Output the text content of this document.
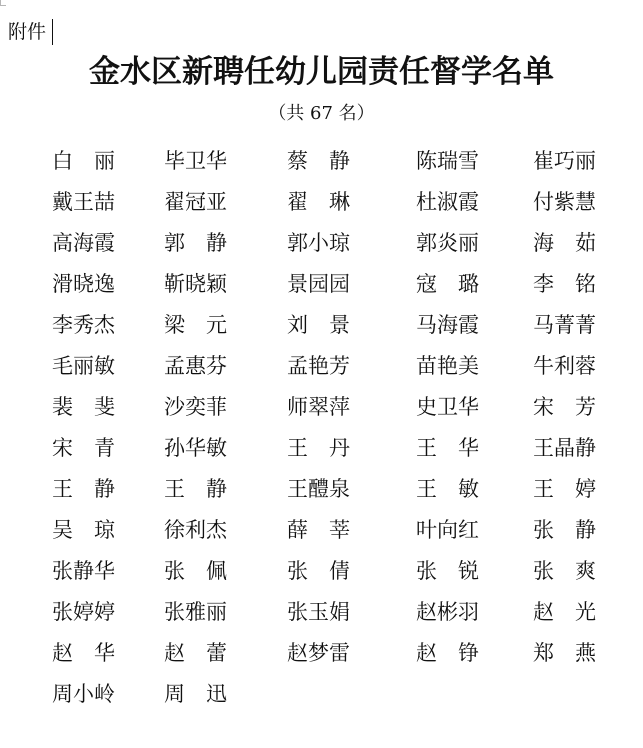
附件
金水区新聘任幼儿园责任督学名单
（共 67 名）
白　丽	毕卫华	蔡　静	陈瑞雪	崔巧丽
戴王喆	翟冠亚	翟　琳	杜淑霞	付紫慧
高海霞	郭　静	郭小琼	郭炎丽	海　茹
滑晓逸	靳晓颖	景园园	寇　璐	李　铭
李秀杰	梁　元	刘　景	马海霞	马菁菁
毛丽敏	孟惠芬	孟艳芳	苗艳美	牛利蓉
裴　斐	沙奕菲	师翠萍	史卫华	宋　芳
宋　青	孙华敏	王　丹	王　华	王晶静
王　静	王　静	王醴泉	王　敏	王　婷
吴　琼	徐利杰	薛　莘	叶向红	张　静
张静华	张　佩	张　倩	张　锐	张　爽
张婷婷	张雅丽	张玉娟	赵彬羽	赵　光
赵　华	赵　蕾	赵梦雷	赵　铮	郑　燕
周小岭	周　迅
